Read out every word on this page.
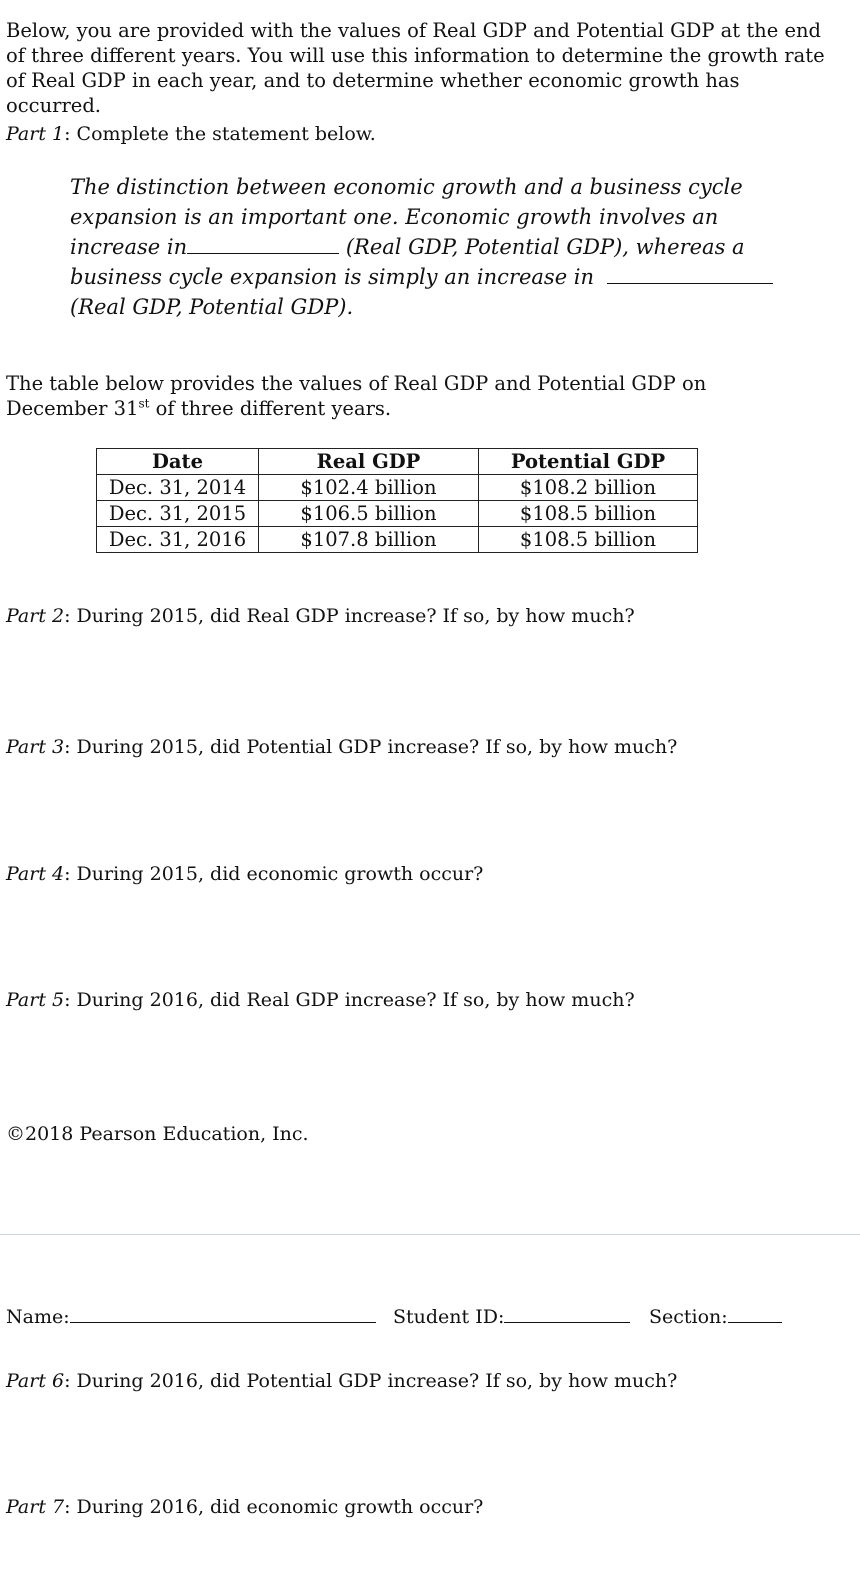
Below, you are provided with the values of Real GDP and Potential GDP at the end of three different years. You will use this information to determine the growth rate of Real GDP in each year, and to determine whether economic growth has occurred.

Part 1: Complete the statement below.
The distinction between economic growth and a business cycle
expansion is an important one. Economic growth involves an
increase in	(Real GDP, Potential GDP), whereas a
business cycle expansion is simply an increase in
(Real GDP, Potential GDP).

The table below provides the values of Real GDP and Potential GDP on December 31st of three different years.

Date	Real GDP	Potential GDP
Dec. 31, 2014	$102.4 billion	$108.2 billion
Dec. 31, 2015	$106.5 billion	$108.5 billion
Dec. 31, 2016	$107.8 billion	$108.5 billion
Part 2: During 2015, did Real GDP increase? If so, by how much?
Part 3: During 2015, did Potential GDP increase? If so, by how much?
Part 4: During 2015, did economic growth occur?
Part 5: During 2016, did Real GDP increase? If so, by how much?
©2018 Pearson Education, Inc.
Name:	Student ID:	Section:
Part 6: During 2016, did Potential GDP increase? If so, by how much?
Part 7: During 2016, did economic growth occur?
